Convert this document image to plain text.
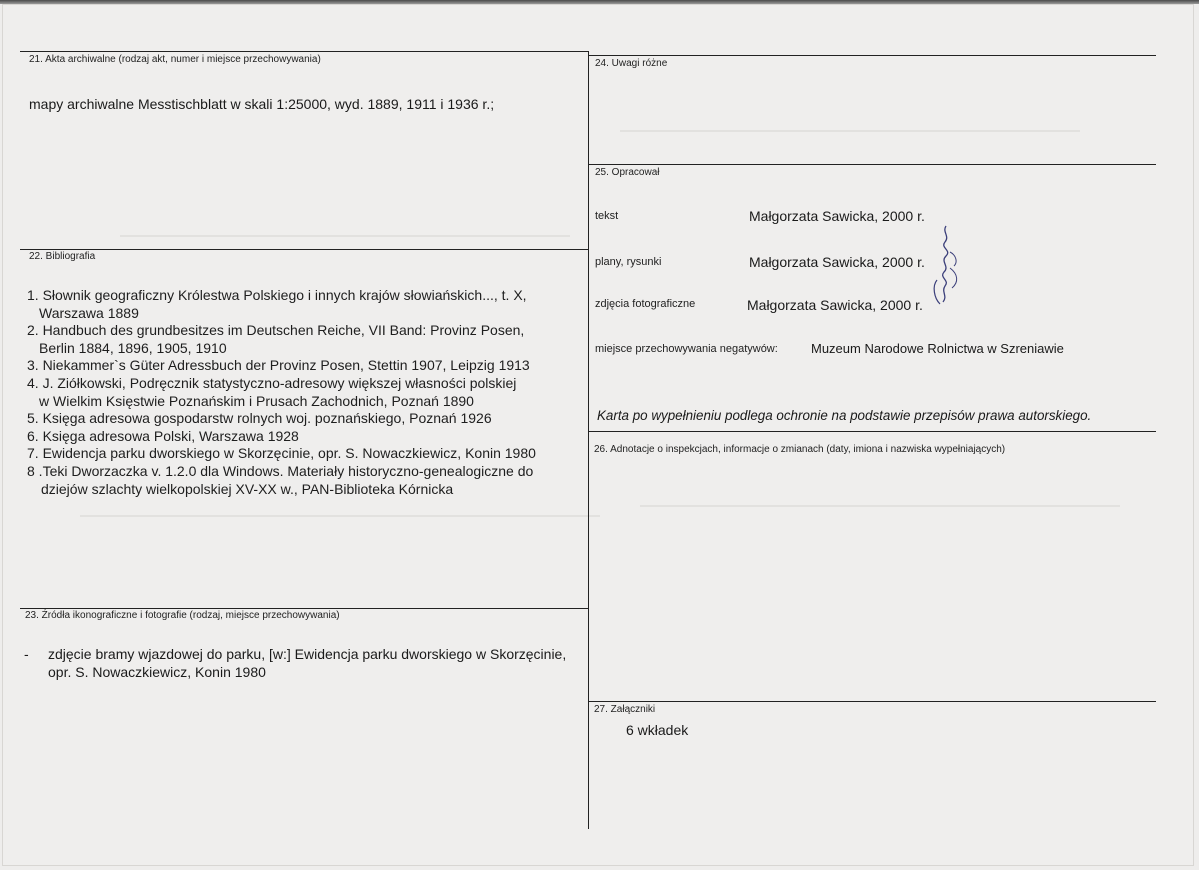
21. Akta archiwalne (rodzaj akt, numer i miejsce przechowywania)
mapy archiwalne Messtischblatt w skali 1:25000, wyd. 1889, 1911 i 1936 r.;
22. Bibliografia
1. Słownik geograficzny Królestwa Polskiego i innych krajów słowiańskich..., t. X,
Warszawa 1889
2. Handbuch des grundbesitzes im Deutschen Reiche, VII Band: Provinz Posen,
Berlin 1884, 1896, 1905, 1910
3. Niekammer`s Güter Adressbuch der Provinz Posen, Stettin 1907, Leipzig 1913
4. J. Ziółkowski, Podręcznik statystyczno-adresowy większej własności polskiej
w Wielkim Księstwie Poznańskim i Prusach Zachodnich, Poznań 1890
5. Księga adresowa gospodarstw rolnych woj. poznańskiego, Poznań 1926
6. Księga adresowa Polski, Warszawa 1928
7. Ewidencja parku dworskiego w Skorzęcinie, opr. S. Nowaczkiewicz, Konin 1980
8 .Teki Dworzaczka v. 1.2.0 dla Windows. Materiały historyczno-genealogiczne do
dziejów szlachty wielkopolskiej XV-XX w., PAN-Biblioteka Kórnicka
23. Źródła ikonograficzne i fotografie (rodzaj, miejsce przechowywania)
- zdjęcie bramy wjazdowej do parku, [w:] Ewidencja parku dworskiego w Skorzęcinie,
opr. S. Nowaczkiewicz, Konin 1980
24. Uwagi różne
25. Opracował
tekst	Małgorzata Sawicka, 2000 r.
plany, rysunki	Małgorzata Sawicka, 2000 r.
zdjęcia fotograficzne	Małgorzata Sawicka, 2000 r.
miejsce przechowywania negatywów:	Muzeum Narodowe Rolnictwa w Szreniawie
Karta po wypełnieniu podlega ochronie na podstawie przepisów prawa autorskiego.
26. Adnotacje o inspekcjach, informacje o zmianach (daty, imiona i nazwiska wypełniających)
27. Załączniki
6 wkładek
